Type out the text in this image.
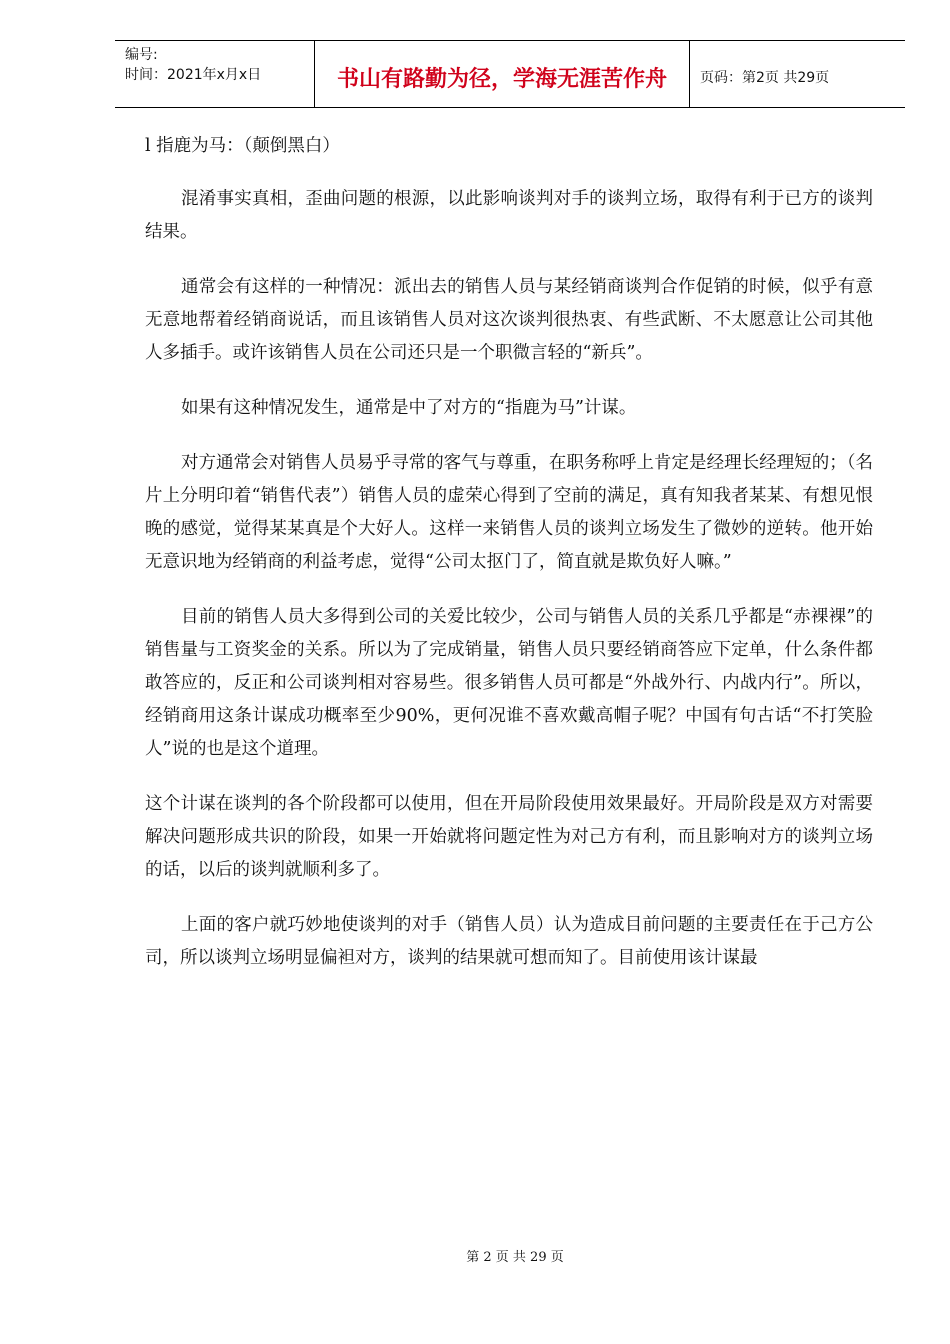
编号:
时间：2021年x月x日	书山有路勤为径，学海无涯苦作舟	页码：第2页 共29页

l 指鹿为马：（颠倒黑白）

混淆事实真相，歪曲问题的根源，以此影响谈判对手的谈判立场，取得有利于已方的谈判结果。

通常会有这样的一种情况：派出去的销售人员与某经销商谈判合作促销的时候，似乎有意无意地帮着经销商说话，而且该销售人员对这次谈判很热衷、有些武断、不太愿意让公司其他人多插手。或许该销售人员在公司还只是一个职微言轻的“新兵”。

如果有这种情况发生，通常是中了对方的“指鹿为马”计谋。

对方通常会对销售人员易乎寻常的客气与尊重，在职务称呼上肯定是经理长经理短的；（名片上分明印着“销售代表”）销售人员的虚荣心得到了空前的满足，真有知我者某某、有想见恨晚的感觉，觉得某某真是个大好人。这样一来销售人员的谈判立场发生了微妙的逆转。他开始无意识地为经销商的利益考虑，觉得“公司太抠门了，简直就是欺负好人嘛。”

目前的销售人员大多得到公司的关爱比较少，公司与销售人员的关系几乎都是“赤裸裸”的销售量与工资奖金的关系。所以为了完成销量，销售人员只要经销商答应下定单，什么条件都敢答应的，反正和公司谈判相对容易些。很多销售人员可都是“外战外行、内战内行”。所以，经销商用这条计谋成功概率至少90%，更何况谁不喜欢戴高帽子呢？中国有句古话“不打笑脸人”说的也是这个道理。

这个计谋在谈判的各个阶段都可以使用，但在开局阶段使用效果最好。开局阶段是双方对需要解决问题形成共识的阶段，如果一开始就将问题定性为对己方有利，而且影响对方的谈判立场的话，以后的谈判就顺利多了。

上面的客户就巧妙地使谈判的对手（销售人员）认为造成目前问题的主要责任在于己方公司，所以谈判立场明显偏袒对方，谈判的结果就可想而知了。目前使用该计谋最

第 2 页 共 29 页
